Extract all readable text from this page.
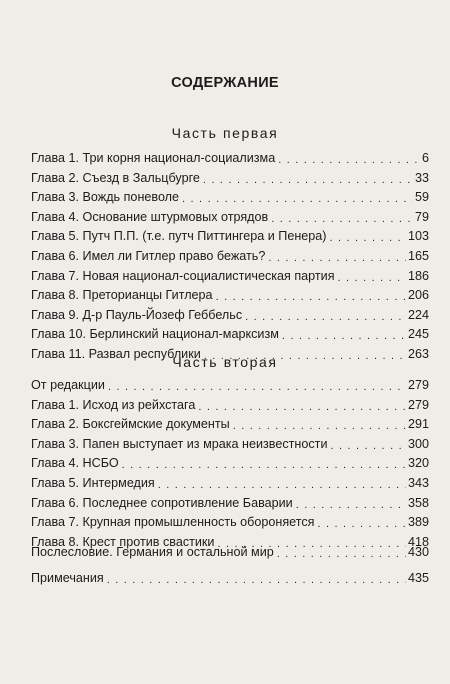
СОДЕРЖАНИЕ
Часть первая
Глава 1. Три корня национал-социализма . . .	6
Глава 2. Съезд в Зальцбурге . . .	33
Глава 3. Вождь поневоле . . .	59
Глава 4. Основание штурмовых отрядов . . .	79
Глава 5. Путч П.П. (т.е. путч Питтингера и Пенера) . . .	103
Глава 6. Имел ли Гитлер право бежать? . . .	165
Глава 7. Новая национал-социалистическая партия . . .	186
Глава 8. Преторианцы Гитлера . . .	206
Глава 9. Д-р Пауль-Йозеф Геббельс . . .	224
Глава 10. Берлинский национал-марксизм . . .	245
Глава 11. Развал республики . . .	263
Часть вторая
От редакции . . .	279
Глава 1. Исход из рейхстага . . .	279
Глава 2. Боксгеймские документы . . .	291
Глава 3. Папен выступает из мрака неизвестности . . .	300
Глава 4. НСБО . . .	320
Глава 5. Интермедия . . .	343
Глава 6. Последнее сопротивление Баварии . . .	358
Глава 7. Крупная промышленность обороняется . . .	389
Глава 8. Крест против свастики . . .	418
Послесловие. Германия и остальной мир . . .	430
Примечания . . .	435
